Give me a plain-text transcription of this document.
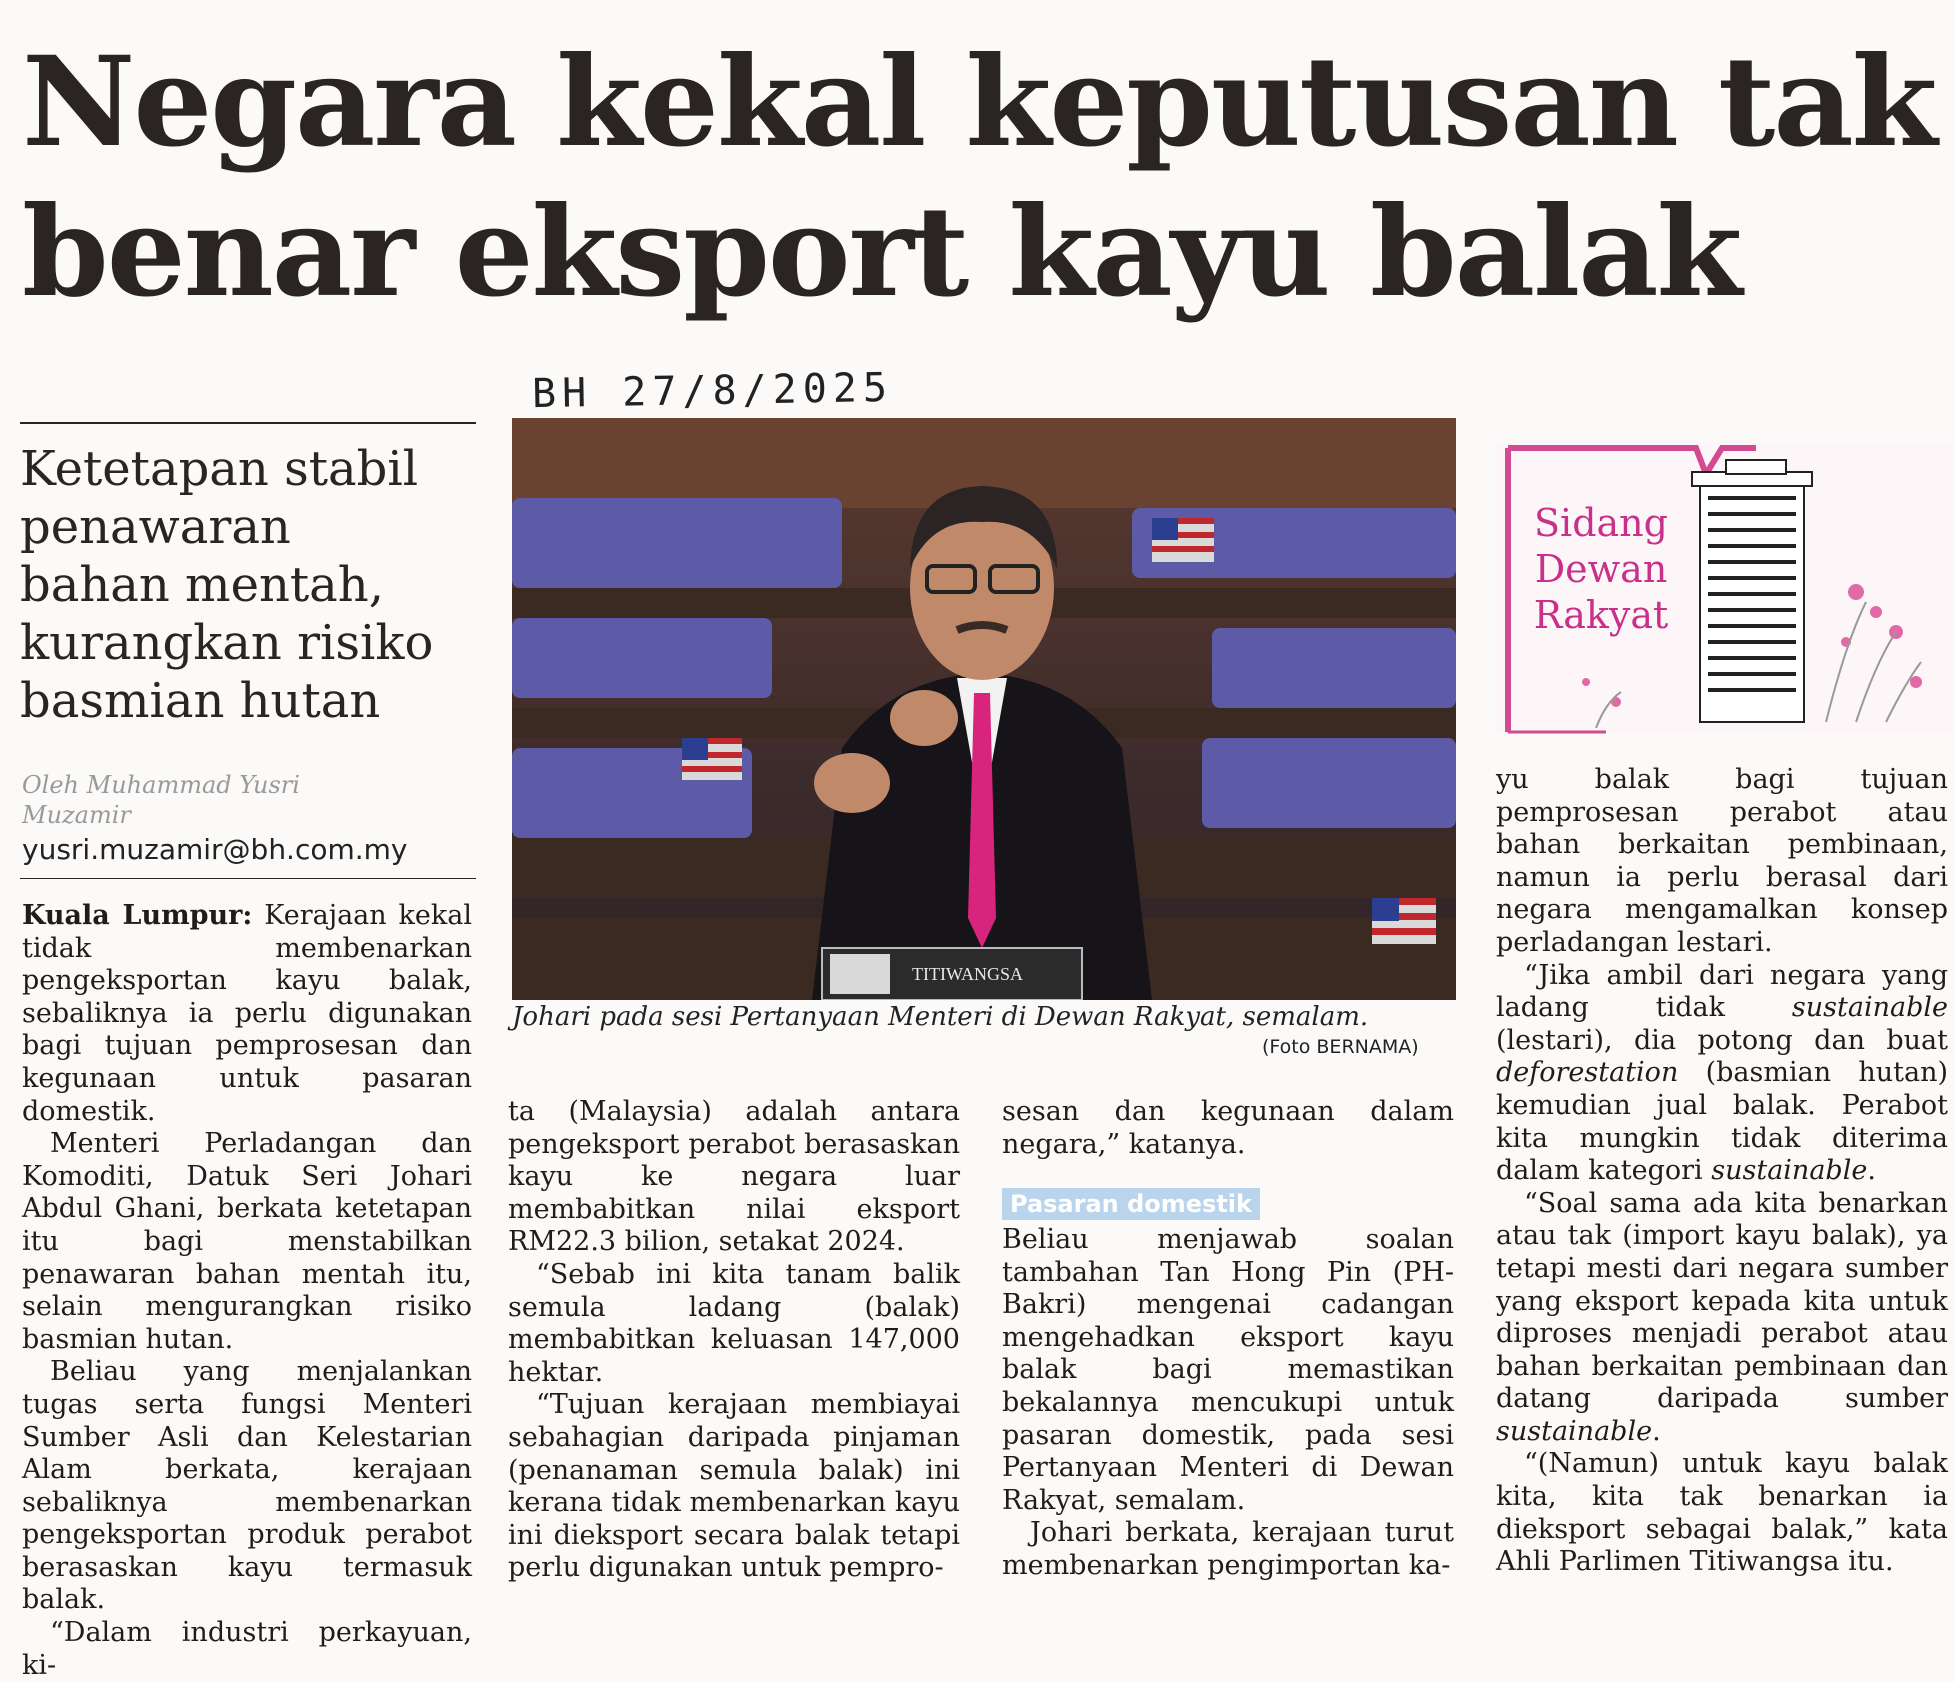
Negara kekal keputusan tak
benar eksport kayu balak
BH 27/8/2025
Ketetapan stabil
penawaran
bahan mentah,
kurangkan risiko
basmian hutan
Oleh Muhammad Yusri
Muzamir
yusri.muzamir@bh.com.my
TITIWANGSA
Johari pada sesi Pertanyaan Menteri di Dewan Rakyat, semalam.
(Foto BERNAMA)
Sidang
Dewan
Rakyat

Kuala Lumpur: Kerajaan kekal tidak membenarkan pengeksportan kayu balak, sebaliknya ia perlu digunakan bagi tujuan pemprosesan dan kegunaan untuk pasaran domestik.

Menteri Perladangan dan Komoditi, Datuk Seri Johari Abdul Ghani, berkata ketetapan itu bagi menstabilkan penawaran bahan mentah itu, selain mengurangkan risiko basmian hutan.

Beliau yang menjalankan tugas serta fungsi Menteri Sumber Asli dan Kelestarian Alam berkata, kerajaan sebaliknya membenarkan pengeksportan produk perabot berasaskan kayu termasuk balak.

“Dalam industri perkayuan, ki-

ta (Malaysia) adalah antara pengeksport perabot berasaskan kayu ke negara luar membabitkan nilai eksport RM22.3 bilion, setakat 2024.

“Sebab ini kita tanam balik semula ladang (balak) membabitkan keluasan 147,000 hektar.

“Tujuan kerajaan membiayai sebahagian daripada pinjaman (penanaman semula balak) ini kerana tidak membenarkan kayu ini dieksport secara balak tetapi perlu digunakan untuk pempro-

sesan dan kegunaan dalam negara,” katanya.

Pasaran domestik

Beliau menjawab soalan tambahan Tan Hong Pin (PH-Bakri) mengenai cadangan mengehadkan eksport kayu balak bagi memastikan bekalannya mencukupi untuk pasaran domestik, pada sesi Pertanyaan Menteri di Dewan Rakyat, semalam.

Johari berkata, kerajaan turut membenarkan pengimportan ka-

yu balak bagi tujuan pemprosesan perabot atau bahan berkaitan pembinaan, namun ia perlu berasal dari negara mengamalkan konsep perladangan lestari.

“Jika ambil dari negara yang ladang tidak sustainable (lestari), dia potong dan buat deforestation (basmian hutan) kemudian jual balak. Perabot kita mungkin tidak diterima dalam kategori sustainable.

“Soal sama ada kita benarkan atau tak (import kayu balak), ya tetapi mesti dari negara sumber yang eksport kepada kita untuk diproses menjadi perabot atau bahan berkaitan pembinaan dan datang daripada sumber sustainable.

“(Namun) untuk kayu balak kita, kita tak benarkan ia dieksport sebagai balak,” kata Ahli Parlimen Titiwangsa itu.
